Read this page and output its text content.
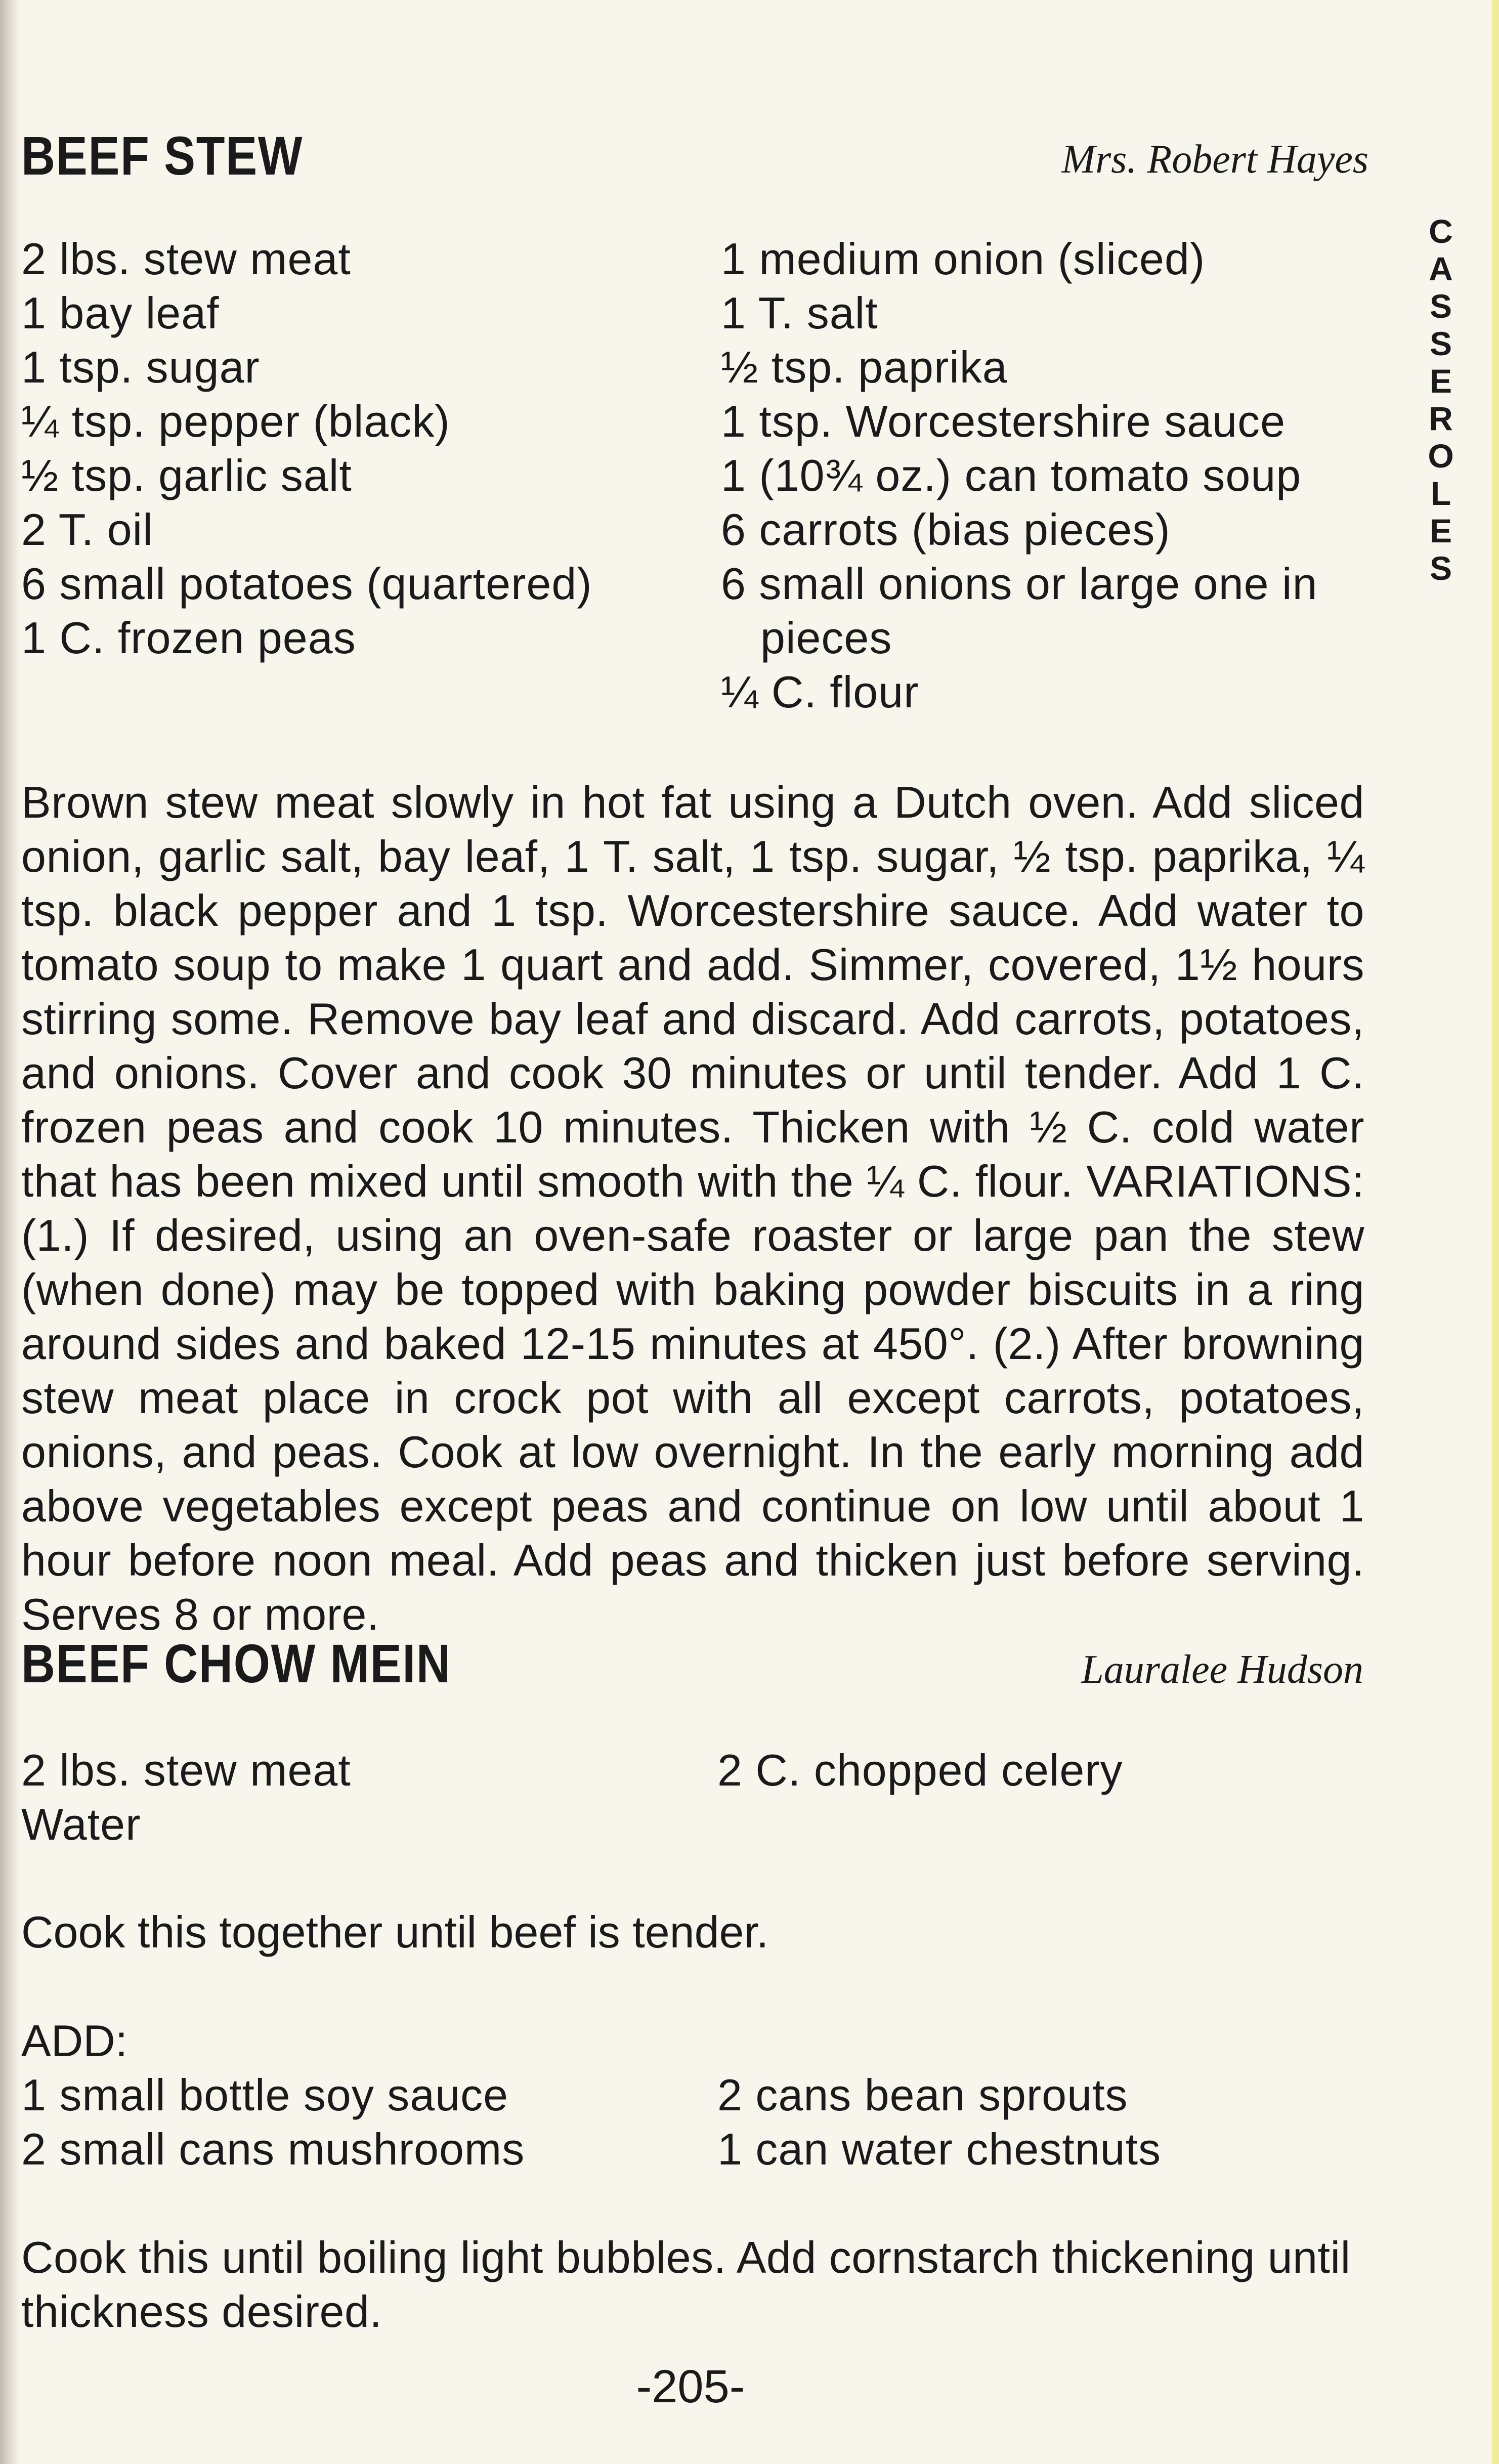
BEEF STEW	Mrs. Robert Hayes
2 lbs. stew meat
1 bay leaf
1 tsp. sugar
¼ tsp. pepper (black)
½ tsp. garlic salt
2 T. oil
6 small potatoes (quartered)
1 C. frozen peas
1 medium onion (sliced)
1 T. salt
½ tsp. paprika
1 tsp. Worcestershire sauce
1 (10¾ oz.) can tomato soup
6 carrots (bias pieces)
6 small onions or large one in
pieces
¼ C. flour

Brown stew meat slowly in hot fat using a Dutch oven. Add sliced onion, garlic salt, bay leaf, 1 T. salt, 1 tsp. sugar, ½ tsp. paprika, ¼ tsp. black pepper and 1 tsp. Worcestershire sauce. Add water to tomato soup to make 1 quart and add. Simmer, covered, 1½ hours stirring some. Remove bay leaf and discard. Add carrots, potatoes, and onions. Cover and cook 30 minutes or until tender. Add 1 C. frozen peas and cook 10 minutes. Thicken with ½ C. cold water that has been mixed until smooth with the ¼ C. flour. VARIATIONS: (1.) If desired, using an oven-safe roaster or large pan the stew (when done) may be topped with baking powder biscuits in a ring around sides and baked 12-15 minutes at 450°. (2.) After browning stew meat place in crock pot with all except carrots, potatoes, onions, and peas. Cook at low overnight. In the early morning add above vegetables except peas and continue on low until about 1 hour before noon meal. Add peas and thicken just before serving. Serves 8 or more.

BEEF CHOW MEIN	Lauralee Hudson
2 lbs. stew meat
Water
2 C. chopped celery

Cook this together until beef is tender.

ADD:

1 small bottle soy sauce
2 small cans mushrooms
2 cans bean sprouts
1 can water chestnuts

Cook this until boiling light bubbles. Add cornstarch thickening until thickness desired.

C
A
S
S
E
R
O
L
E
S

-205-
